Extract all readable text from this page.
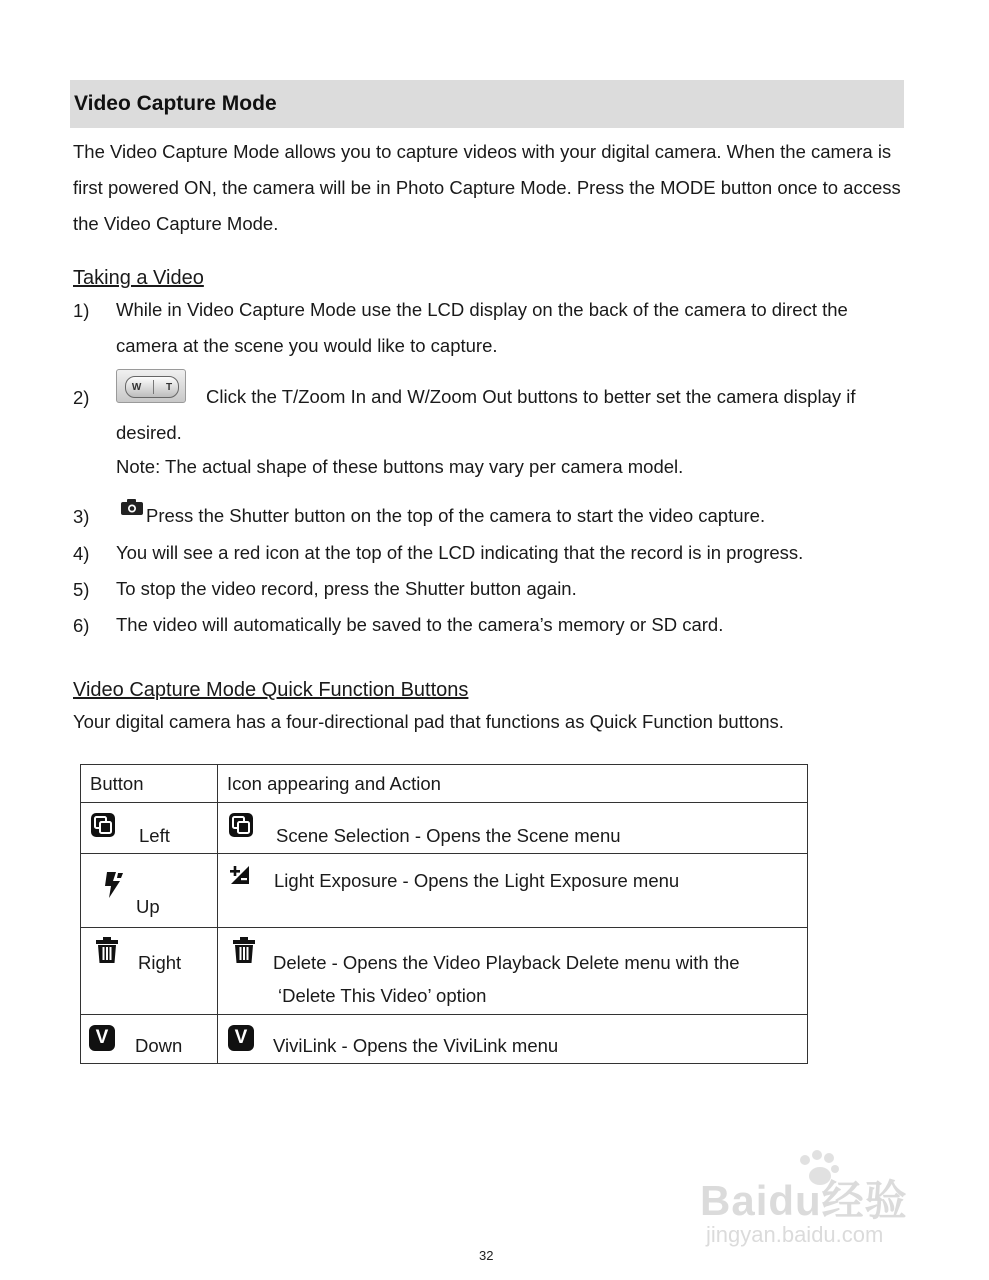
Video Capture Mode
The Video Capture Mode allows you to capture videos with your digital camera. When the camera is first powered ON, the camera will be in Photo Capture Mode. Press the MODE button once to access the Video Capture Mode.
Taking a Video
1) While in Video Capture Mode use the LCD display on the back of the camera to direct the camera at the scene you would like to capture.
2)	W T	Click the T/Zoom In and W/Zoom Out buttons to better set the camera display if desired.
Note: The actual shape of these buttons may vary per camera model.
3)	Press the Shutter button on the top of the camera to start the video capture.
4) You will see a red icon at the top of the LCD indicating that the record is in progress.
5) To stop the video record, press the Shutter button again.
6) The video will automatically be saved to the camera’s memory or SD card.
Video Capture Mode Quick Function Buttons
Your digital camera has a four-directional pad that functions as Quick Function buttons.
Button	Icon appearing and Action

Left	Scene Selection - Opens the Scene menu

Up	Light Exposure - Opens the Light Exposure menu

Right	Delete - Opens the Video Playback Delete menu with the
‘Delete This Video’ option

V Down	V ViviLink - Opens the ViviLink menu
Baidu经验
jingyan.baidu.com
32
